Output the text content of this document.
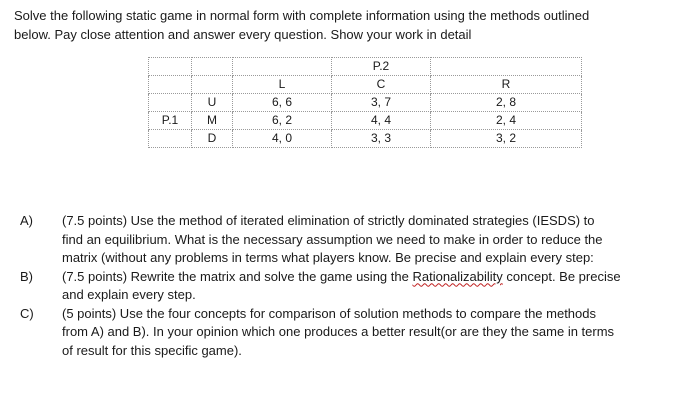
Solve the following static game in normal form with complete information using the methods outlined
below. Pay close attention and answer every question. Show your work in detail
			P.2	
		L	C	R
	U	6, 6	3, 7	2, 8
P.1	M	6, 2	4, 4	2, 4
	D	4, 0	3, 3	3, 2
A) (7.5 points) Use the method of iterated elimination of strictly dominated strategies (IESDS) to
find an equilibrium. What is the necessary assumption we need to make in order to reduce the
matrix (without any problems in terms what players know. Be precise and explain every step:
B) (7.5 points) Rewrite the matrix and solve the game using the Rationalizability concept. Be precise
and explain every step.
C) (5 points) Use the four concepts for comparison of solution methods to compare the methods
from A) and B). In your opinion which one produces a better result(or are they the same in terms
of result for this specific game).
